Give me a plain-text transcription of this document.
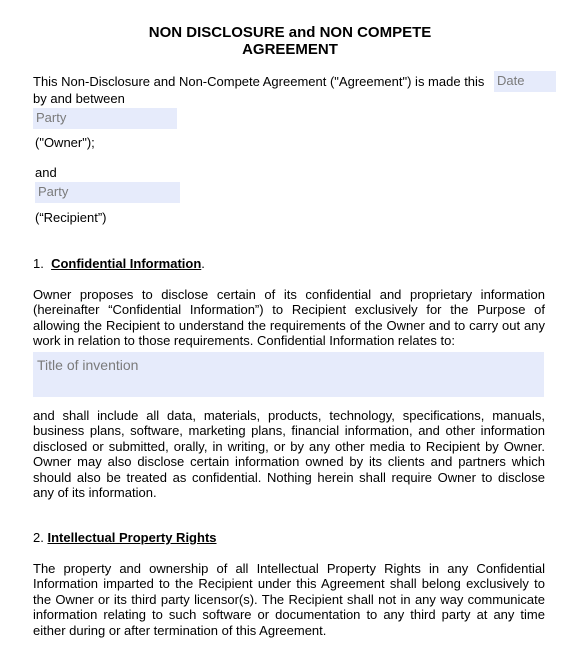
NON DISCLOSURE and NON COMPETE
AGREEMENT
This Non-Disclosure and Non-Compete Agreement ("Agreement") is made this Date
by and between
Party
("Owner");
and
Party
(“Recipient”)
1. Confidential Information.
Owner proposes to disclose certain of its confidential and proprietary information (hereinafter “Confidential Information”) to Recipient exclusively for the Purpose of allowing the Recipient to understand the requirements of the Owner and to carry out any work in relation to those requirements. Confidential Information relates to:
Title of invention
and shall include all data, materials, products, technology, specifications, manuals, business plans, software, marketing plans, financial information, and other information disclosed or submitted, orally, in writing, or by any other media to Recipient by Owner. Owner may also disclose certain information owned by its clients and partners which should also be treated as confidential. Nothing herein shall require Owner to disclose any of its information.
2. Intellectual Property Rights
The property and ownership of all Intellectual Property Rights in any Confidential Information imparted to the Recipient under this Agreement shall belong exclusively to the Owner or its third party licensor(s). The Recipient shall not in any way communicate information relating to such software or documentation to any third party at any time either during or after termination of this Agreement.
